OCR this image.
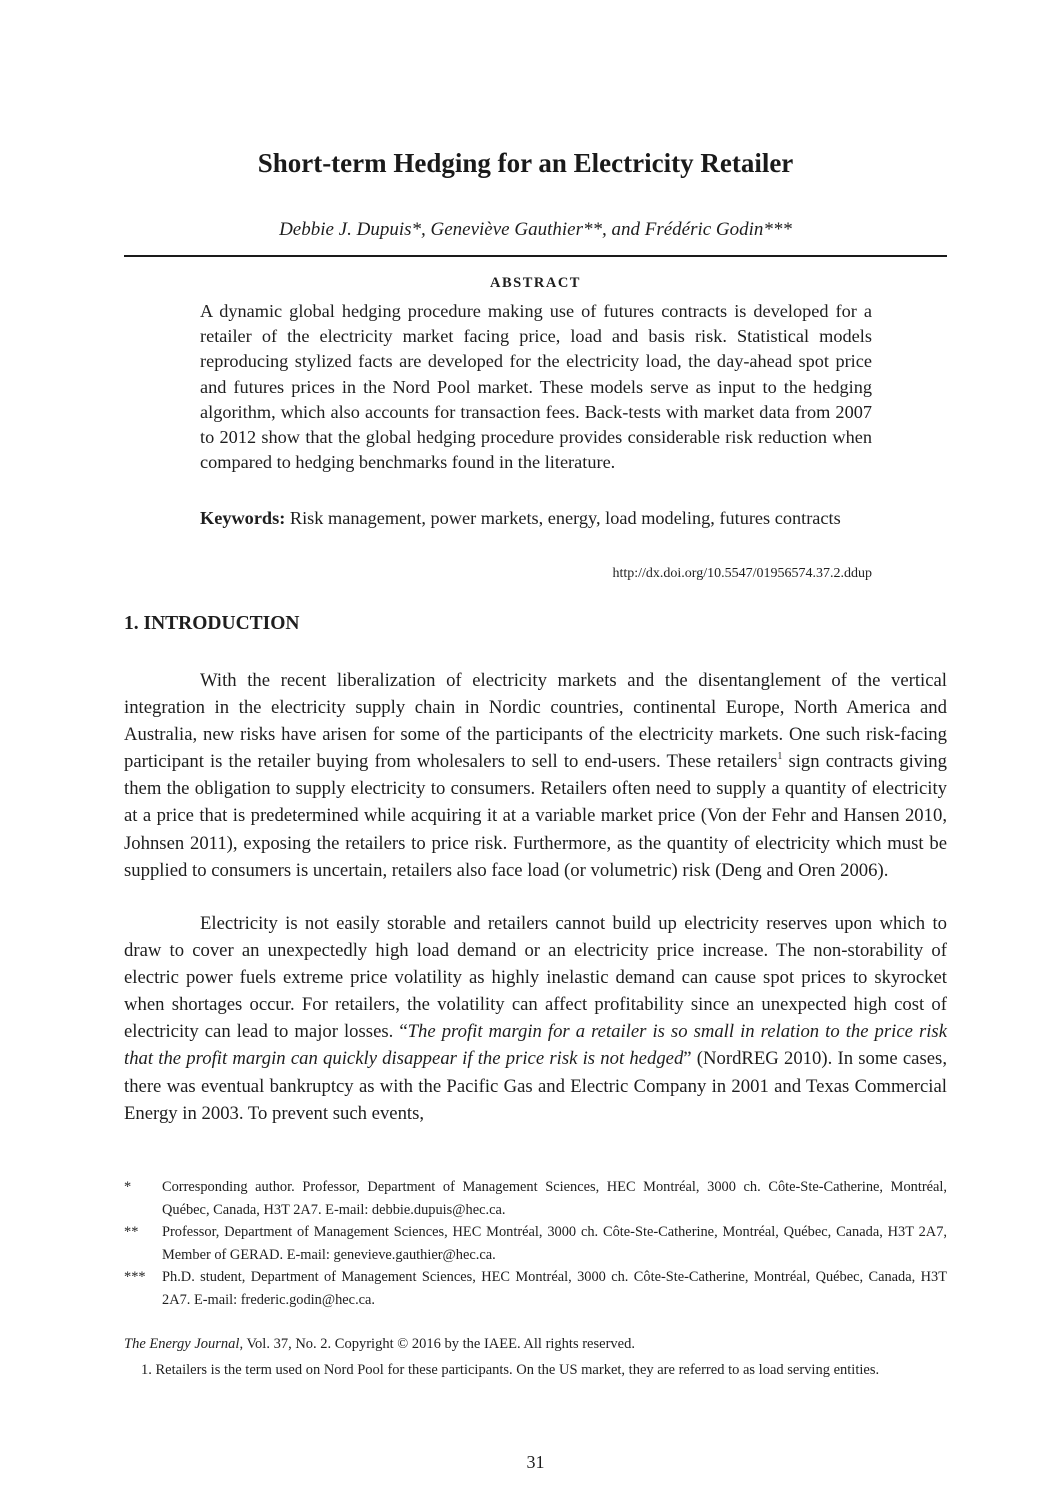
Short-term Hedging for an Electricity Retailer
Debbie J. Dupuis*, Geneviève Gauthier**, and Frédéric Godin***
ABSTRACT

A dynamic global hedging procedure making use of futures contracts is developed for a retailer of the electricity market facing price, load and basis risk. Statistical models reproducing stylized facts are developed for the electricity load, the day-ahead spot price and futures prices in the Nord Pool market. These models serve as input to the hedging algorithm, which also accounts for transaction fees. Back-tests with market data from 2007 to 2012 show that the global hedging procedure provides considerable risk reduction when compared to hedging benchmarks found in the literature.

Keywords: Risk management, power markets, energy, load modeling, futures contracts

http://dx.doi.org/10.5547/01956574.37.2.ddup
1. INTRODUCTION

With the recent liberalization of electricity markets and the disentanglement of the vertical integration in the electricity supply chain in Nordic countries, continental Europe, North America and Australia, new risks have arisen for some of the participants of the electricity markets. One such risk-facing participant is the retailer buying from wholesalers to sell to end-users. These retailers$^1$ sign contracts giving them the obligation to supply electricity to consumers. Retailers often need to supply a quantity of electricity at a price that is predetermined while acquiring it at a variable market price (Von der Fehr and Hansen 2010, Johnsen 2011), exposing the retailers to price risk. Furthermore, as the quantity of electricity which must be supplied to consumers is uncertain, retailers also face load (or volumetric) risk (Deng and Oren 2006).

Electricity is not easily storable and retailers cannot build up electricity reserves upon which to draw to cover an unexpectedly high load demand or an electricity price increase. The non-storability of electric power fuels extreme price volatility as highly inelastic demand can cause spot prices to skyrocket when shortages occur. For retailers, the volatility can affect profitability since an unexpected high cost of electricity can lead to major losses. “The profit margin for a retailer is so small in relation to the price risk that the profit margin can quickly disappear if the price risk is not hedged” (NordREG 2010). In some cases, there was eventual bankruptcy as with the Pacific Gas and Electric Company in 2001 and Texas Commercial Energy in 2003. To prevent such events,

* Corresponding author. Professor, Department of Management Sciences, HEC Montréal, 3000 ch. Côte-Ste-Catherine, Montréal, Québec, Canada, H3T 2A7. E-mail: debbie.dupuis@hec.ca.
** Professor, Department of Management Sciences, HEC Montréal, 3000 ch. Côte-Ste-Catherine, Montréal, Québec, Canada, H3T 2A7, Member of GERAD. E-mail: genevieve.gauthier@hec.ca.
*** Ph.D. student, Department of Management Sciences, HEC Montréal, 3000 ch. Côte-Ste-Catherine, Montréal, Québec, Canada, H3T 2A7. E-mail: frederic.godin@hec.ca.
The Energy Journal, Vol. 37, No. 2. Copyright © 2016 by the IAEE. All rights reserved.

1. Retailers is the term used on Nord Pool for these participants. On the US market, they are referred to as load serving entities.

31
